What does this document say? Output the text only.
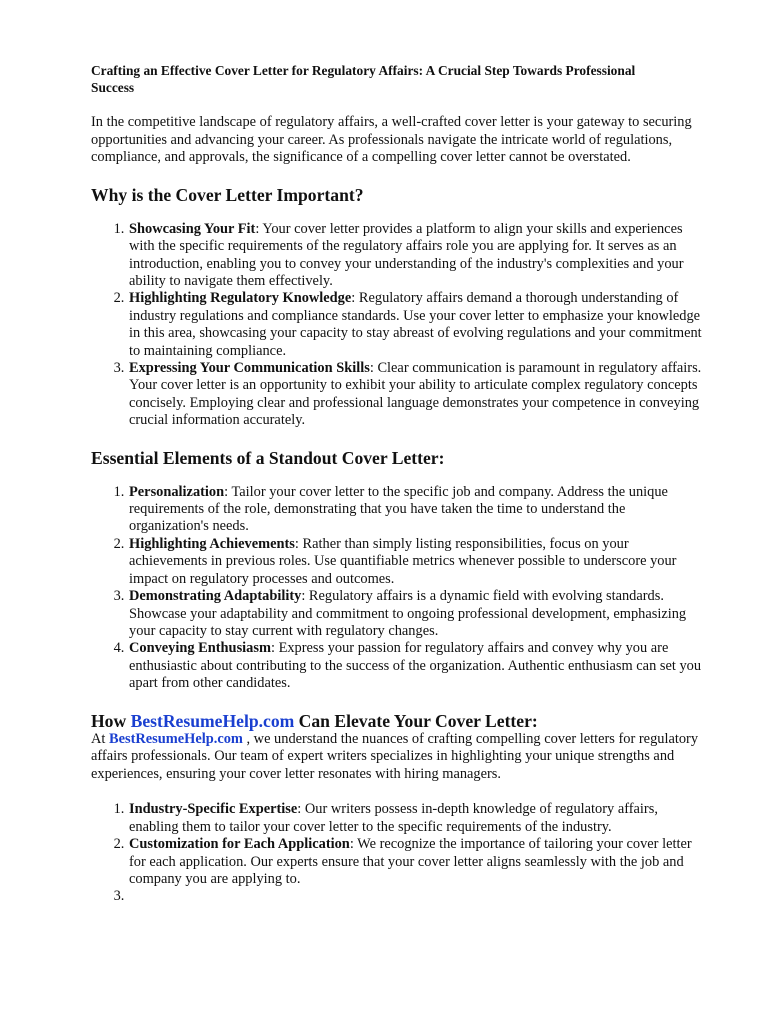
Crafting an Effective Cover Letter for Regulatory Affairs: A Crucial Step Towards Professional Success

In the competitive landscape of regulatory affairs, a well-crafted cover letter is your gateway to securing opportunities and advancing your career. As professionals navigate the intricate world of regulations, compliance, and approvals, the significance of a compelling cover letter cannot be overstated.

Why is the Cover Letter Important?
1. Showcasing Your Fit: Your cover letter provides a platform to align your skills and experiences with the specific requirements of the regulatory affairs role you are applying for. It serves as an introduction, enabling you to convey your understanding of the industry's complexities and your ability to navigate them effectively.
2. Highlighting Regulatory Knowledge: Regulatory affairs demand a thorough understanding of industry regulations and compliance standards. Use your cover letter to emphasize your knowledge in this area, showcasing your capacity to stay abreast of evolving regulations and your commitment to maintaining compliance.
3. Expressing Your Communication Skills: Clear communication is paramount in regulatory affairs. Your cover letter is an opportunity to exhibit your ability to articulate complex regulatory concepts concisely. Employing clear and professional language demonstrates your competence in conveying crucial information accurately.
Essential Elements of a Standout Cover Letter:
1. Personalization: Tailor your cover letter to the specific job and company. Address the unique requirements of the role, demonstrating that you have taken the time to understand the organization's needs.
2. Highlighting Achievements: Rather than simply listing responsibilities, focus on your achievements in previous roles. Use quantifiable metrics whenever possible to underscore your impact on regulatory processes and outcomes.
3. Demonstrating Adaptability: Regulatory affairs is a dynamic field with evolving standards. Showcase your adaptability and commitment to ongoing professional development, emphasizing your capacity to stay current with regulatory changes.
4. Conveying Enthusiasm: Express your passion for regulatory affairs and convey why you are enthusiastic about contributing to the success of the organization. Authentic enthusiasm can set you apart from other candidates.
How BestResumeHelp.com Can Elevate Your Cover Letter:

At BestResumeHelp.com , we understand the nuances of crafting compelling cover letters for regulatory affairs professionals. Our team of expert writers specializes in highlighting your unique strengths and experiences, ensuring your cover letter resonates with hiring managers.

1. Industry-Specific Expertise: Our writers possess in-depth knowledge of regulatory affairs, enabling them to tailor your cover letter to the specific requirements of the industry.
2. Customization for Each Application: We recognize the importance of tailoring your cover letter for each application. Our experts ensure that your cover letter aligns seamlessly with the job and company you are applying to.
3.
